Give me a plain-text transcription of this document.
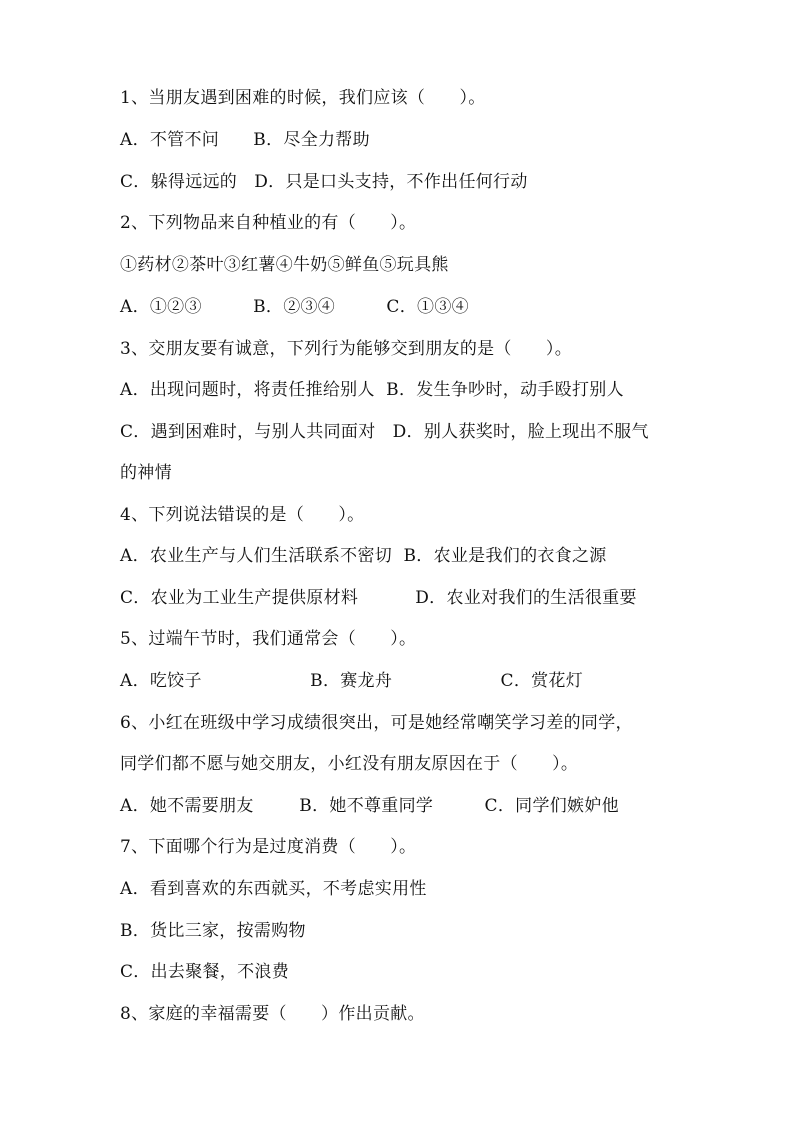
1、当朋友遇到困难的时候，我们应该（      ）。
A．不管不问      B．尽全力帮助
C．躲得远远的   D．只是口头支持，不作出任何行动
2、下列物品来自种植业的有（      ）。
①药材②茶叶③红薯④牛奶⑤鲜鱼⑤玩具熊
A．①②③         B．②③④         C．①③④
3、交朋友要有诚意，下列行为能够交到朋友的是（      ）。
A．出现问题时，将责任推给别人  B．发生争吵时，动手殴打别人
C．遇到困难时，与别人共同面对   D．别人获奖时，脸上现出不服气
的神情
4、下列说法错误的是（      ）。
A．农业生产与人们生活联系不密切  B．农业是我们的衣食之源
C．农业为工业生产提供原材料          D．农业对我们的生活很重要
5、过端午节时，我们通常会（      ）。
A．吃饺子                   B．赛龙舟                   C．赏花灯
6、小红在班级中学习成绩很突出，可是她经常嘲笑学习差的同学，
同学们都不愿与她交朋友，小红没有朋友原因在于（      ）。
A．她不需要朋友        B．她不尊重同学         C．同学们嫉妒他
7、下面哪个行为是过度消费（      ）。
A．看到喜欢的东西就买，不考虑实用性
B．货比三家，按需购物
C．出去聚餐，不浪费
8、家庭的幸福需要（      ）作出贡献。
